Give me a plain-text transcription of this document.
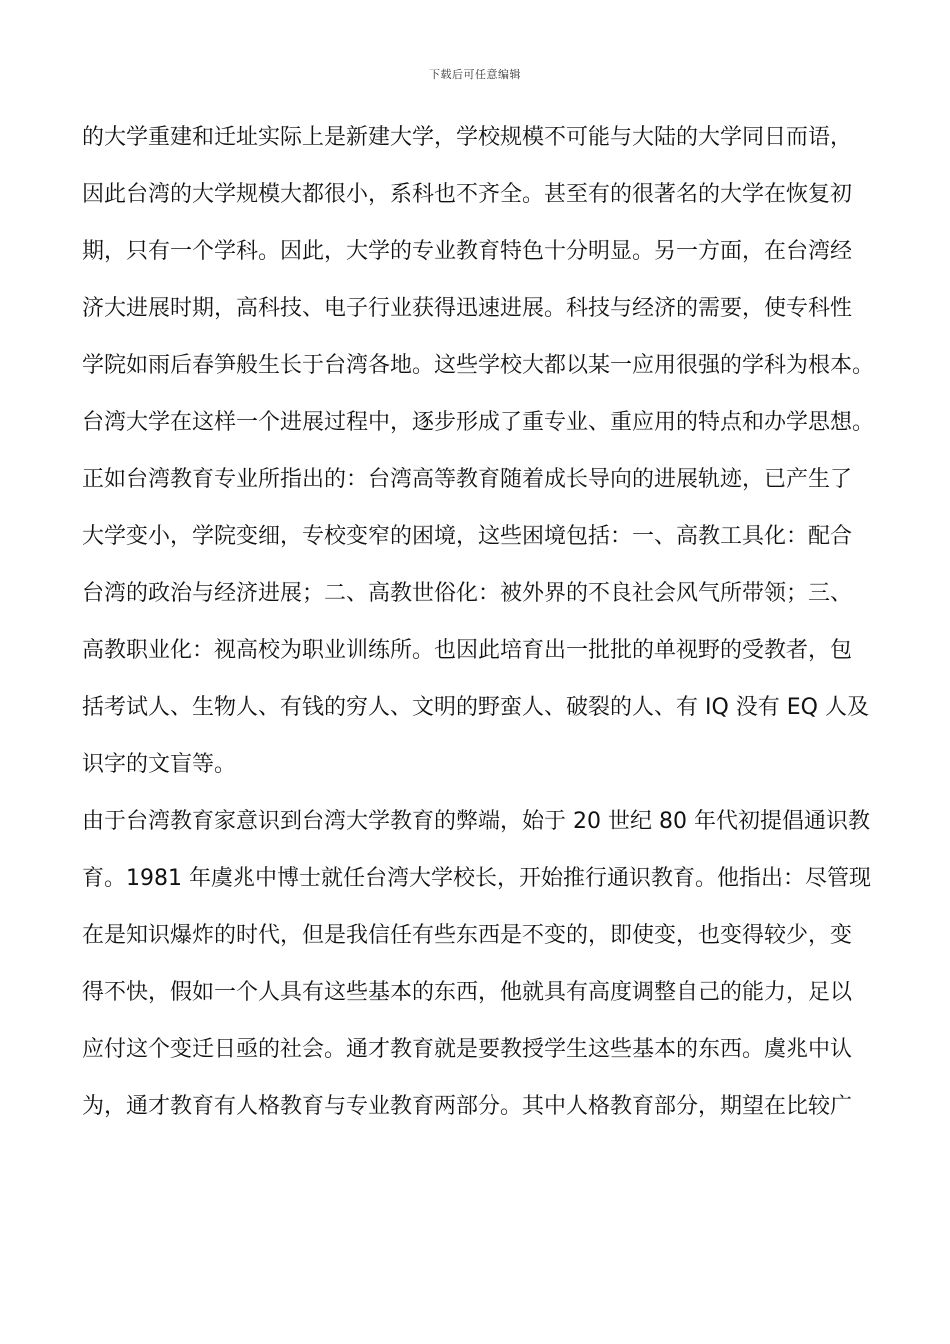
下载后可任意编辑
的大学重建和迁址实际上是新建大学，学校规模不可能与大陆的大学同日而语，
因此台湾的大学规模大都很小，系科也不齐全。甚至有的很著名的大学在恢复初
期，只有一个学科。因此，大学的专业教育特色十分明显。另一方面，在台湾经
济大进展时期，高科技、电子行业获得迅速进展。科技与经济的需要，使专科性
学院如雨后春笋般生长于台湾各地。这些学校大都以某一应用很强的学科为根本。
台湾大学在这样一个进展过程中，逐步形成了重专业、重应用的特点和办学思想。
正如台湾教育专业所指出的：台湾高等教育随着成长导向的进展轨迹，已产生了
大学变小，学院变细，专校变窄的困境，这些困境包括：一、高教工具化：配合
台湾的政治与经济进展；二、高教世俗化：被外界的不良社会风气所带领；三、
高教职业化：视高校为职业训练所。也因此培育出一批批的单视野的受教者，包
括考试人、生物人、有钱的穷人、文明的野蛮人、破裂的人、有 IQ 没有 EQ 人及
识字的文盲等。
由于台湾教育家意识到台湾大学教育的弊端，始于 20 世纪 80 年代初提倡通识教
育。1981 年虞兆中博士就任台湾大学校长，开始推行通识教育。他指出：尽管现
在是知识爆炸的时代，但是我信任有些东西是不变的，即使变，也变得较少，变
得不快，假如一个人具有这些基本的东西，他就具有高度调整自己的能力，足以
应付这个变迁日亟的社会。通才教育就是要教授学生这些基本的东西。虞兆中认
为，通才教育有人格教育与专业教育两部分。其中人格教育部分，期望在比较广
